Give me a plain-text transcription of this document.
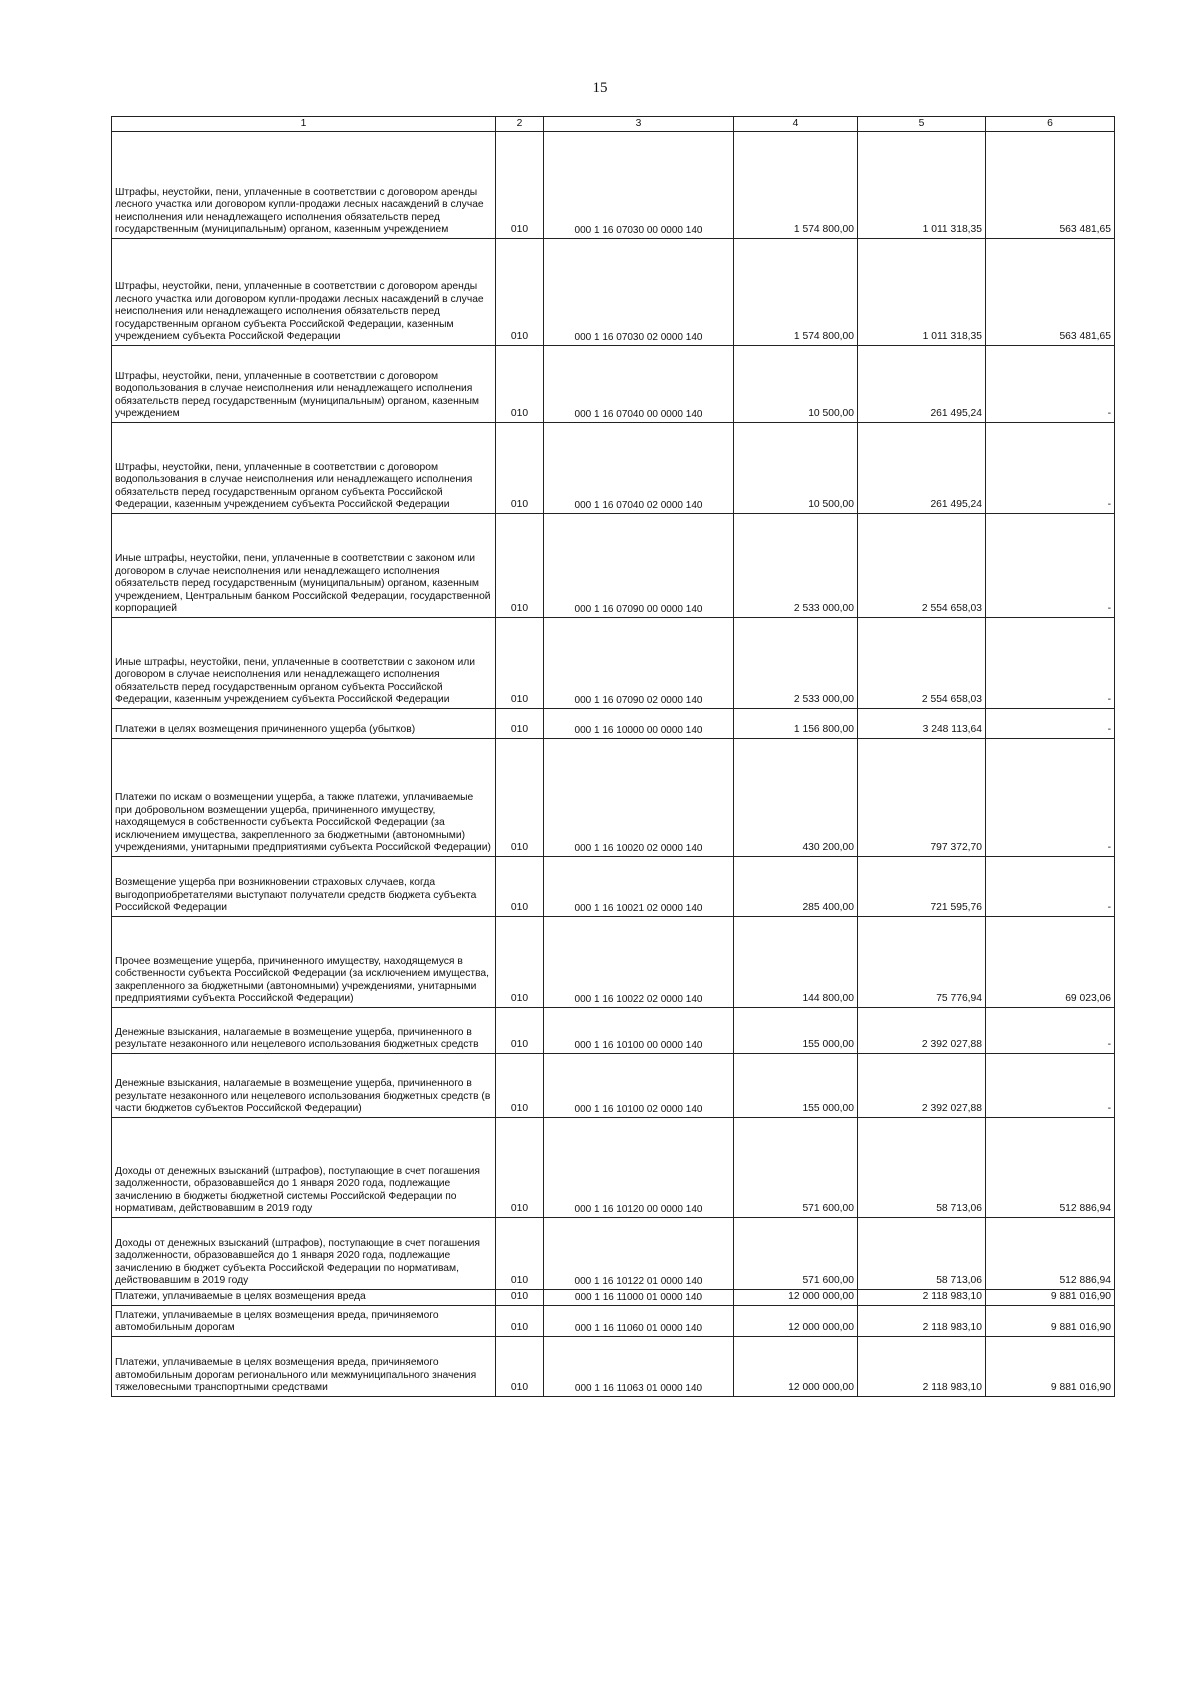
15
1	2	3	4	5	6
Штрафы, неустойки, пени, уплаченные в соответствии с договором аренды лесного участка или договором купли-продажи лесных насаждений в случае неисполнения или ненадлежащего исполнения обязательств перед государственным (муниципальным) органом, казенным учреждением	010	000 1 16 07030 00 0000 140	1 574 800,00	1 011 318,35	563 481,65
Штрафы, неустойки, пени, уплаченные в соответствии с договором аренды лесного участка или договором купли-продажи лесных насаждений в случае неисполнения или ненадлежащего исполнения обязательств перед государственным органом субъекта Российской Федерации, казенным учреждением субъекта Российской Федерации	010	000 1 16 07030 02 0000 140	1 574 800,00	1 011 318,35	563 481,65
Штрафы, неустойки, пени, уплаченные в соответствии с договором водопользования в случае неисполнения или ненадлежащего исполнения обязательств перед государственным (муниципальным) органом, казенным учреждением	010	000 1 16 07040 00 0000 140	10 500,00	261 495,24	-
Штрафы, неустойки, пени, уплаченные в соответствии с договором водопользования в случае неисполнения или ненадлежащего исполнения обязательств перед государственным органом субъекта Российской Федерации, казенным учреждением субъекта Российской Федерации	010	000 1 16 07040 02 0000 140	10 500,00	261 495,24	-
Иные штрафы, неустойки, пени, уплаченные в соответствии с законом или договором в случае неисполнения или ненадлежащего исполнения обязательств перед государственным (муниципальным) органом, казенным учреждением, Центральным банком Российской Федерации, государственной корпорацией	010	000 1 16 07090 00 0000 140	2 533 000,00	2 554 658,03	-
Иные штрафы, неустойки, пени, уплаченные в соответствии с законом или договором в случае неисполнения или ненадлежащего исполнения обязательств перед государственным органом субъекта Российской Федерации, казенным учреждением субъекта Российской Федерации	010	000 1 16 07090 02 0000 140	2 533 000,00	2 554 658,03	-
Платежи в целях возмещения причиненного ущерба (убытков)	010	000 1 16 10000 00 0000 140	1 156 800,00	3 248 113,64	-
Платежи по искам о возмещении ущерба, а также платежи, уплачиваемые при добровольном возмещении ущерба, причиненного имуществу, находящемуся в собственности субъекта Российской Федерации (за исключением имущества, закрепленного за бюджетными (автономными) учреждениями, унитарными предприятиями субъекта Российской Федерации)	010	000 1 16 10020 02 0000 140	430 200,00	797 372,70	-
Возмещение ущерба при возникновении страховых случаев, когда выгодоприобретателями выступают получатели средств бюджета субъекта Российской Федерации	010	000 1 16 10021 02 0000 140	285 400,00	721 595,76	-
Прочее возмещение ущерба, причиненного имуществу, находящемуся в собственности субъекта Российской Федерации (за исключением имущества, закрепленного за бюджетными (автономными) учреждениями, унитарными предприятиями субъекта Российской Федерации)	010	000 1 16 10022 02 0000 140	144 800,00	75 776,94	69 023,06
Денежные взыскания, налагаемые в возмещение ущерба, причиненного в результате незаконного или нецелевого использования бюджетных средств	010	000 1 16 10100 00 0000 140	155 000,00	2 392 027,88	-
Денежные взыскания, налагаемые в возмещение ущерба, причиненного в результате незаконного или нецелевого использования бюджетных средств (в части бюджетов субъектов Российской Федерации)	010	000 1 16 10100 02 0000 140	155 000,00	2 392 027,88	-
Доходы от денежных взысканий (штрафов), поступающие в счет погашения задолженности, образовавшейся до 1 января 2020 года, подлежащие зачислению в бюджеты бюджетной системы Российской Федерации по нормативам, действовавшим в 2019 году	010	000 1 16 10120 00 0000 140	571 600,00	58 713,06	512 886,94
Доходы от денежных взысканий (штрафов), поступающие в счет погашения задолженности, образовавшейся до 1 января 2020 года, подлежащие зачислению в бюджет субъекта Российской Федерации по нормативам, действовавшим в 2019 году	010	000 1 16 10122 01 0000 140	571 600,00	58 713,06	512 886,94
Платежи, уплачиваемые в целях возмещения вреда	010	000 1 16 11000 01 0000 140	12 000 000,00	2 118 983,10	9 881 016,90
Платежи, уплачиваемые в целях возмещения вреда, причиняемого автомобильным дорогам	010	000 1 16 11060 01 0000 140	12 000 000,00	2 118 983,10	9 881 016,90
Платежи, уплачиваемые в целях возмещения вреда, причиняемого автомобильным дорогам регионального или межмуниципального значения тяжеловесными транспортными средствами	010	000 1 16 11063 01 0000 140	12 000 000,00	2 118 983,10	9 881 016,90
